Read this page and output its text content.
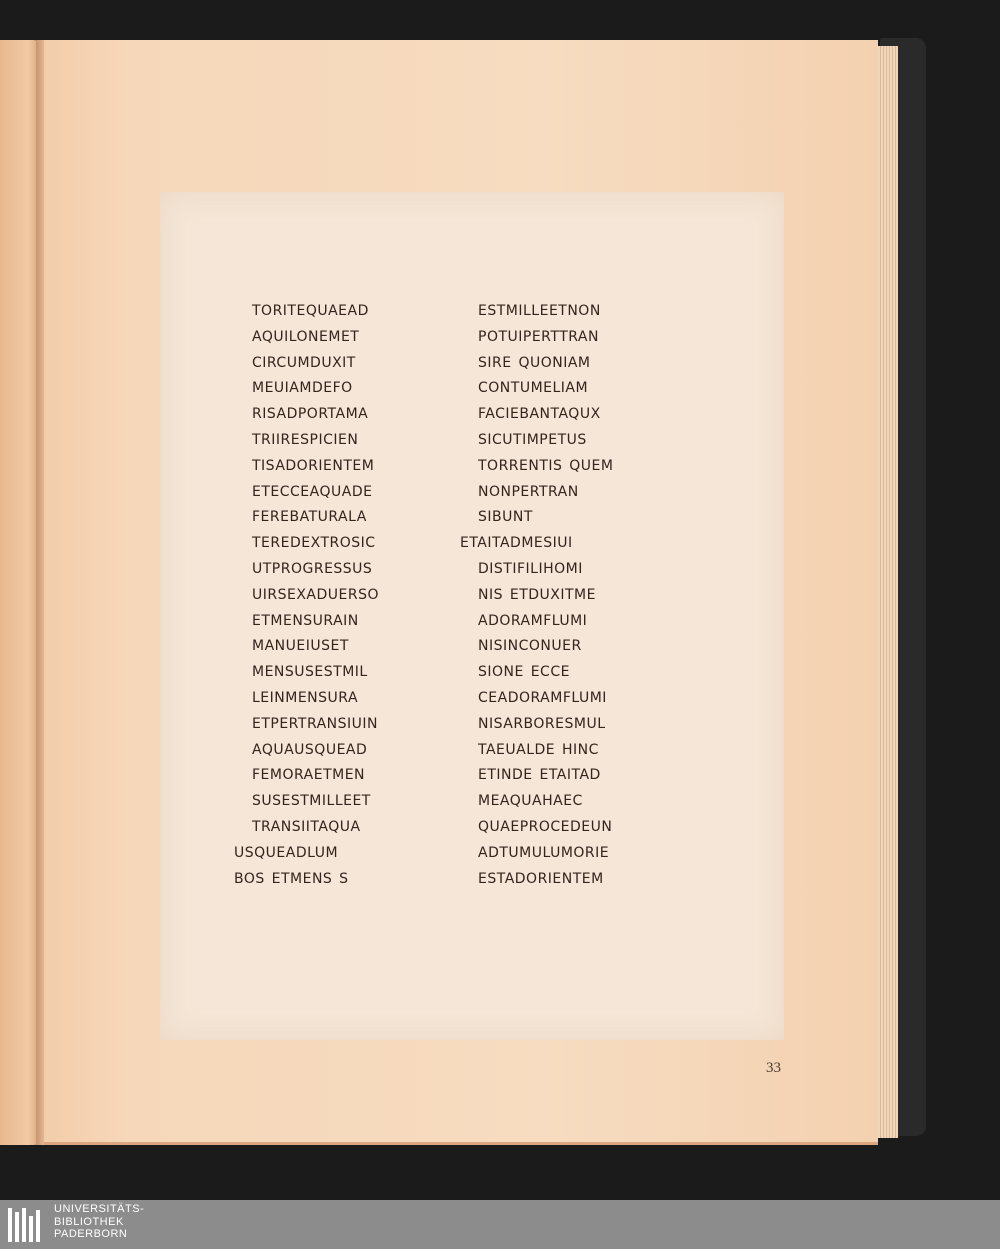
toritequaead
aquilonemet
circumduxit
meuiamdefo
risadportama
triirespicien
tisadorientem
etecceaquade
ferebaturala
teredextrosic
utprogressus
uirsexaduerso
etmensurain
manueiuset
mensusestmil
leinmensura
etpertransiuin
aquausquead
femoraetmen
susestmilleet
transiitaqua
usqueadlum
bos etmens s
estmilleetnon
potuiperttran
sire quoniam
contumeliam
faciebantaqux
sicutimpetus
torrentis quem
nonpertran
sibunt
etaitadmesiui
distifilihomi
nis etduxitme
adoramflumi
nisinconuer
sione ecce
ceadoramflumi
nisarboresmul
taeualde hinc
etinde etaitad
meaquahaec
quaeprocedeun
adtumulumorie
estadorientem
33
UNIVERSITÄTS-
BIBLIOTHEK
PADERBORN
